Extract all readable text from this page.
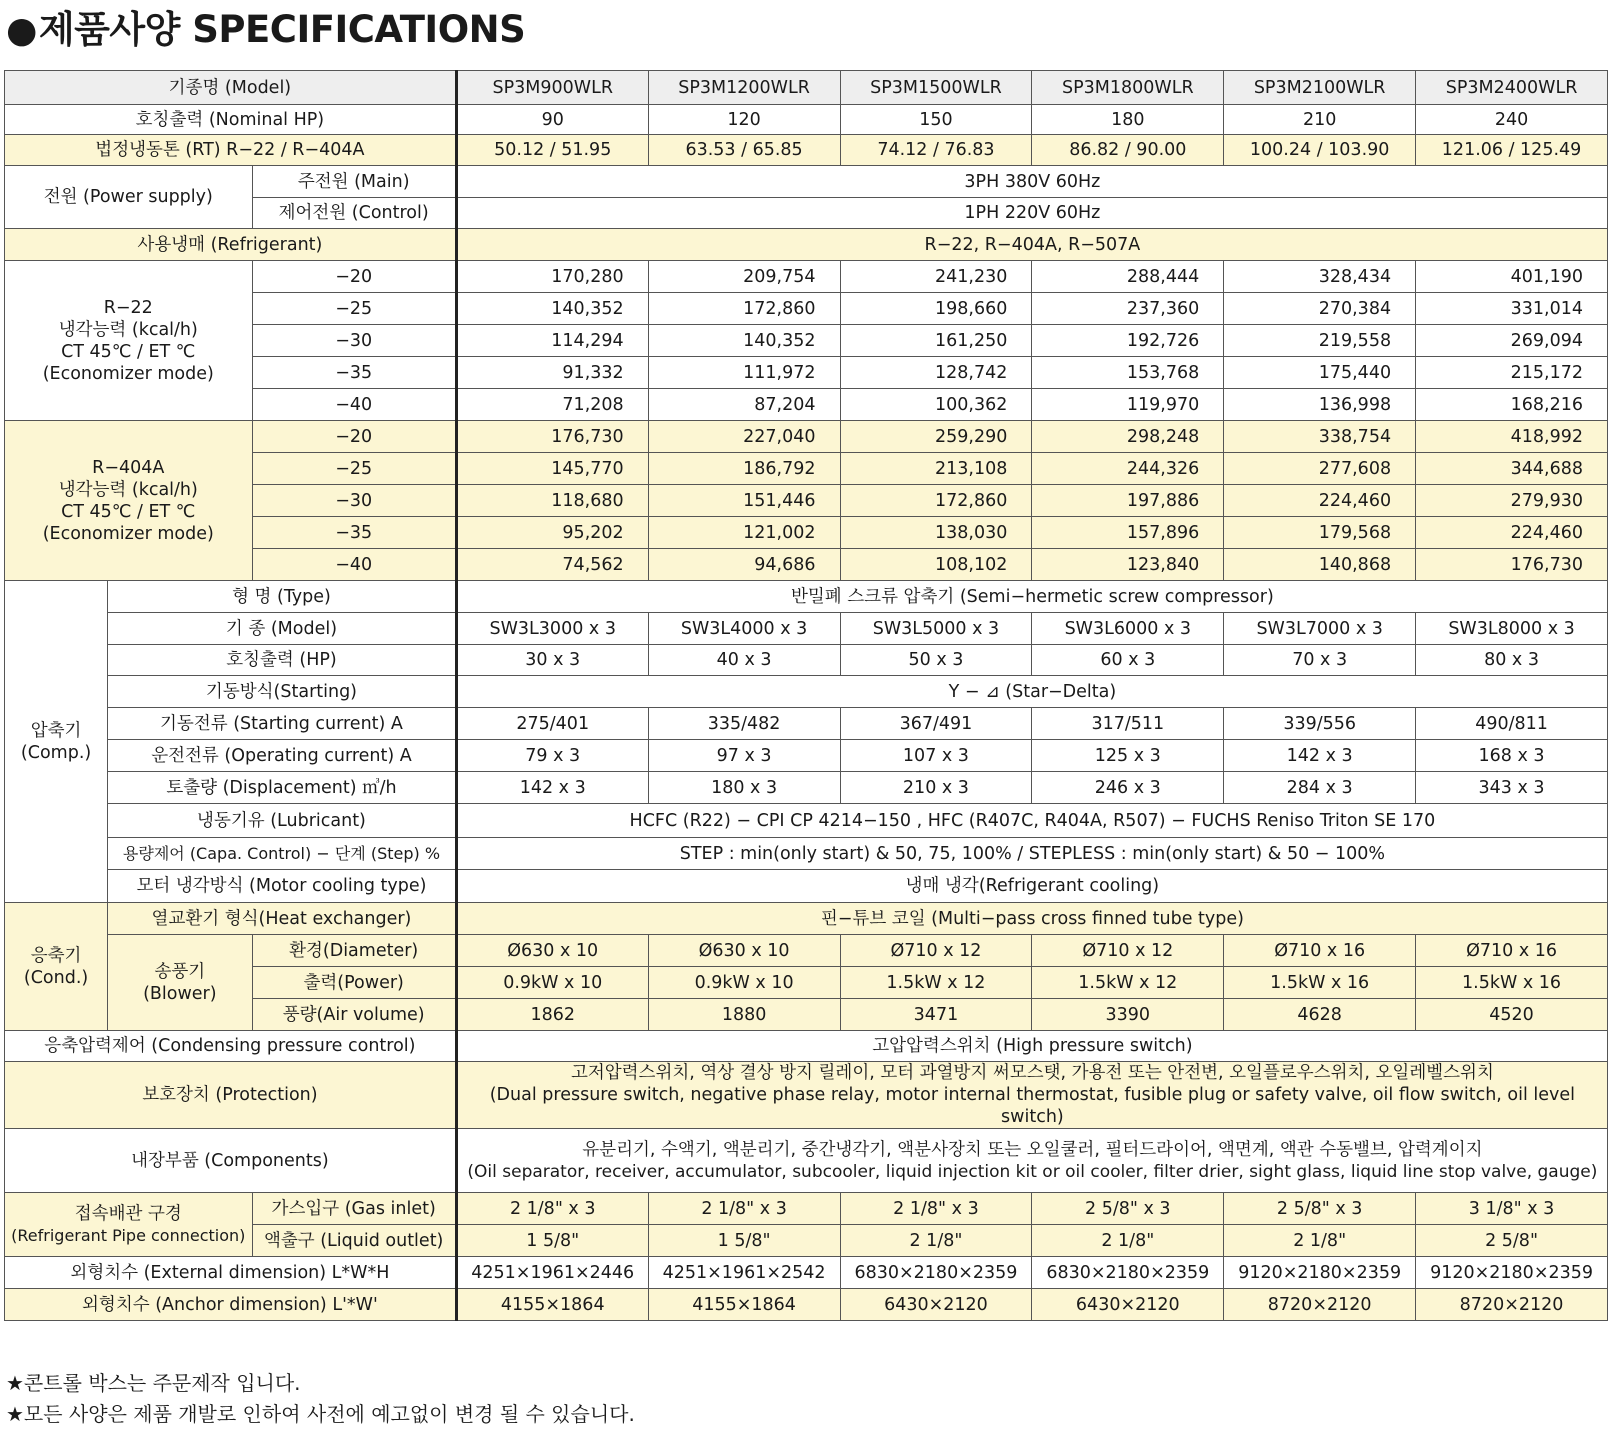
●제품사양 SPECIFICATIONS
기종명 (Model)			SP3M900WLR	SP3M1200WLR	SP3M1500WLR	SP3M1800WLR	SP3M2100WLR	SP3M2400WLR
호칭출력 (Nominal HP)			90	120	150	180	210	240
법정냉동톤 (RT) R−22 / R−404A			50.12 / 51.95	63.53 / 65.85	74.12 / 76.83	86.82 / 90.00	100.24 / 103.90	121.06 / 125.49
전원 (Power supply)		주전원 (Main)	3PH 380V 60Hz					
		제어전원 (Control)	1PH 220V 60Hz					
사용냉매 (Refrigerant)			R−22, R−404A, R−507A					

R−22
냉각능력 (kcal/h)
CT 45℃ / ET ℃
(Economizer mode)		−20	170,280	209,754	241,230	288,444	328,434	401,190
		−25	140,352	172,860	198,660	237,360	270,384	331,014
		−30	114,294	140,352	161,250	192,726	219,558	269,094
		−35	91,332	111,972	128,742	153,768	175,440	215,172
		−40	71,208	87,204	100,362	119,970	136,998	168,216

R−404A
냉각능력 (kcal/h)
CT 45℃ / ET ℃
(Economizer mode)		−20	176,730	227,040	259,290	298,248	338,754	418,992
		−25	145,770	186,792	213,108	244,326	277,608	344,688
		−30	118,680	151,446	172,860	197,886	224,460	279,930
		−35	95,202	121,002	138,030	157,896	179,568	224,460
		−40	74,562	94,686	108,102	123,840	140,868	176,730

압축기
(Comp.)	형 명 (Type)		반밀폐 스크류 압축기 (Semi−hermetic screw compressor)					
	기 종 (Model)		SW3L3000 x 3	SW3L4000 x 3	SW3L5000 x 3	SW3L6000 x 3	SW3L7000 x 3	SW3L8000 x 3
	호칭출력 (HP)		30 x 3	40 x 3	50 x 3	60 x 3	70 x 3	80 x 3
	기동방식(Starting)		Y − ⊿ (Star−Delta)					
	기동전류 (Starting current) A		275/401	335/482	367/491	317/511	339/556	490/811
	운전전류 (Operating current) A		79 x 3	97 x 3	107 x 3	125 x 3	142 x 3	168 x 3
	토출량 (Displacement) ㎥/h		142 x 3	180 x 3	210 x 3	246 x 3	284 x 3	343 x 3
	냉동기유 (Lubricant)		HCFC (R22) − CPI CP 4214−150 , HFC (R407C, R404A, R507) − FUCHS Reniso Triton SE 170					
	용량제어 (Capa. Control) − 단계 (Step) %		STEP : min(only start) & 50, 75, 100% / STEPLESS : min(only start) & 50 − 100%					
	모터 냉각방식 (Motor cooling type)		냉매 냉각(Refrigerant cooling)					

응축기
(Cond.)	열교환기 형식(Heat exchanger)		핀−튜브 코일 (Multi−pass cross finned tube type)					

	송풍기
(Blower)	환경(Diameter)	Ø630 x 10	Ø630 x 10	Ø710 x 12	Ø710 x 12	Ø710 x 16	Ø710 x 16
		출력(Power)	0.9kW x 10	0.9kW x 10	1.5kW x 12	1.5kW x 12	1.5kW x 16	1.5kW x 16
		풍량(Air volume)	1862	1880	3471	3390	4628	4520
응축압력제어 (Condensing pressure control)			고압압력스위치 (High pressure switch)					
보호장치 (Protection)			고저압력스위치, 역상 결상 방지 릴레이, 모터 과열방지 써모스탯, 가용전 또는 안전변, 오일플로우스위치, 오일레벨스위치
(Dual pressure switch, negative phase relay, motor internal thermostat, fusible plug or safety valve, oil flow switch, oil level switch)					

내장부품 (Components)			유분리기, 수액기, 액분리기, 중간냉각기, 액분사장치 또는 오일쿨러, 필터드라이어, 액면계, 액관 수동밸브, 압력계이지
(Oil separator, receiver, accumulator, subcooler, liquid injection kit or oil cooler, filter drier, sight glass, liquid line stop valve, gauge)					

접속배관 구경
(Refrigerant Pipe connection)		가스입구 (Gas inlet)	2 1/8" x 3	2 1/8" x 3	2 1/8" x 3	2 5/8" x 3	2 5/8" x 3	3 1/8" x 3
		액출구 (Liquid outlet)	1 5/8"	1 5/8"	2 1/8"	2 1/8"	2 1/8"	2 5/8"
외형치수 (External dimension) L*W*H			4251×1961×2446	4251×1961×2542	6830×2180×2359	6830×2180×2359	9120×2180×2359	9120×2180×2359
외형치수 (Anchor dimension) L'*W'			4155×1864	4155×1864	6430×2120	6430×2120	8720×2120	8720×2120
★콘트롤 박스는 주문제작 입니다.
★모든 사양은 제품 개발로 인하여 사전에 예고없이 변경 될 수 있습니다.
